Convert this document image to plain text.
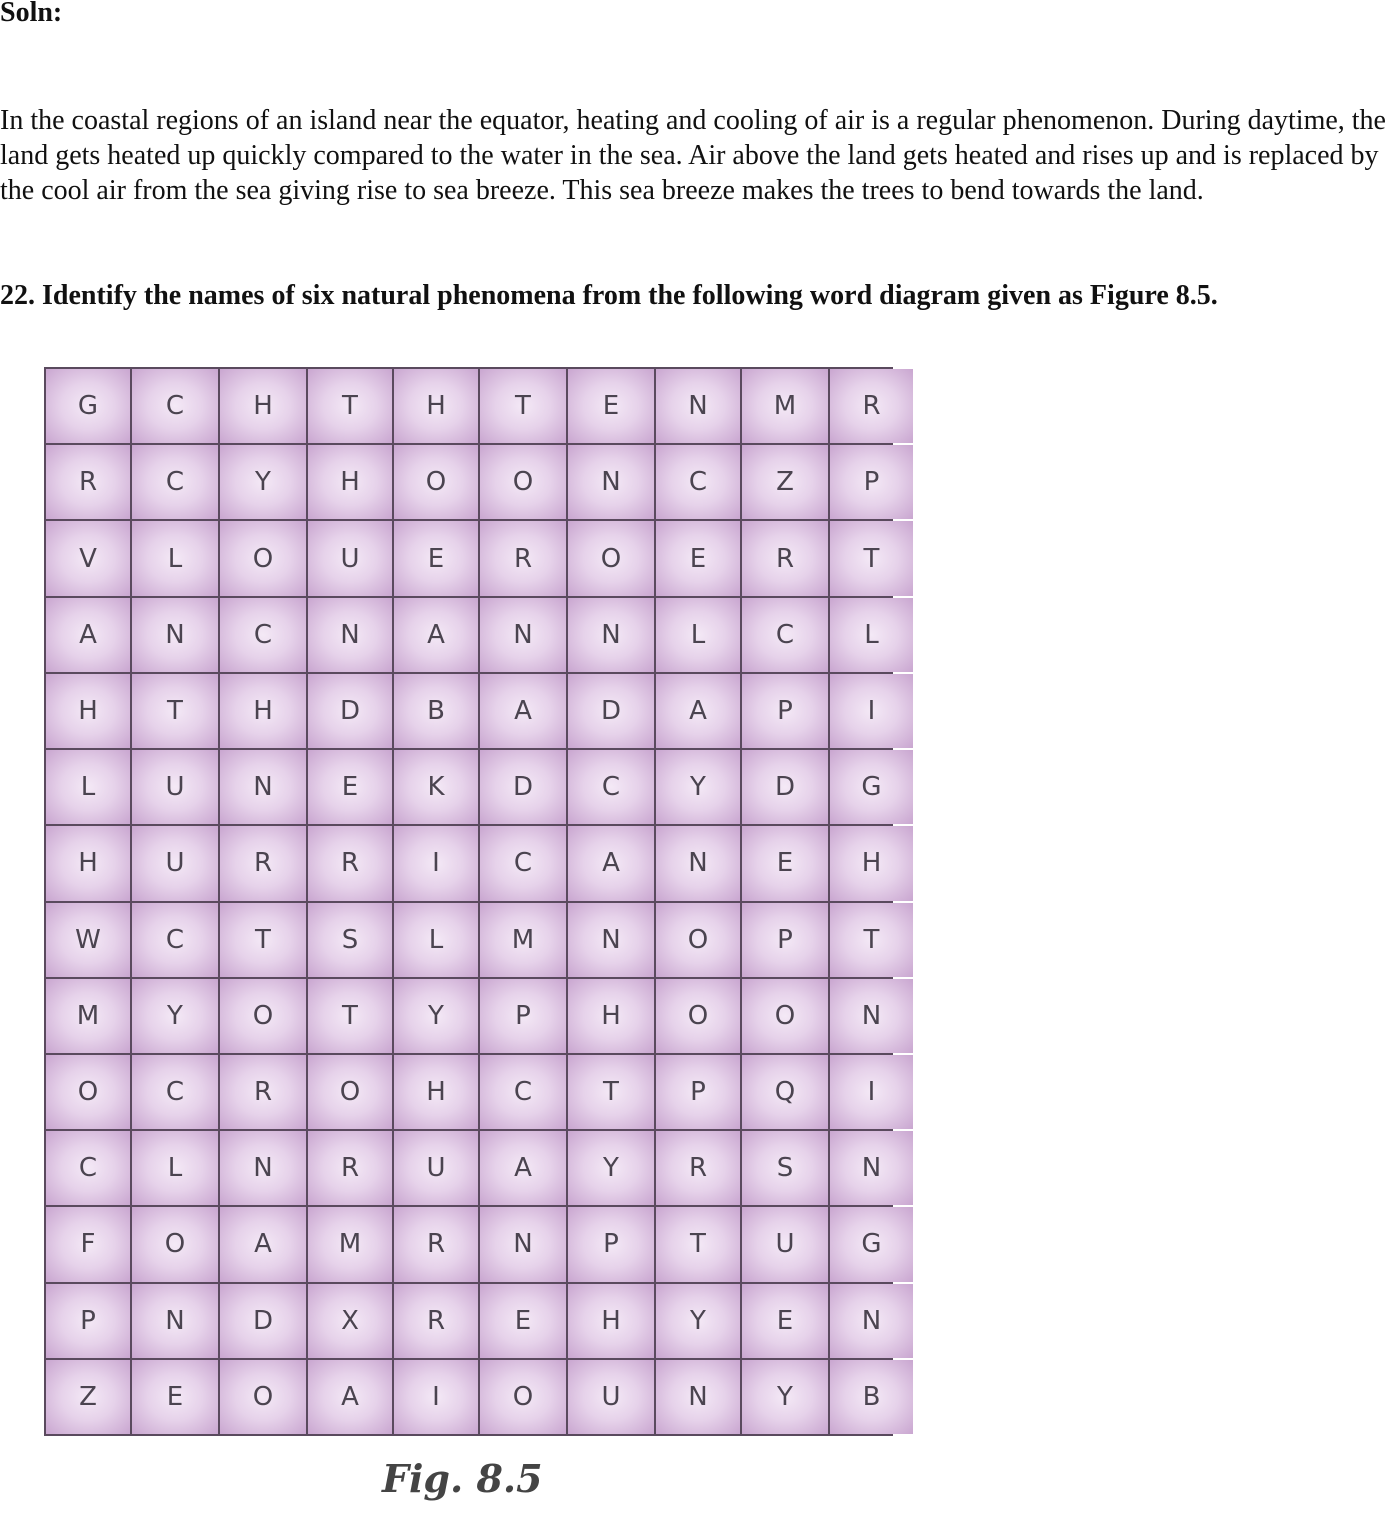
Soln:

In the coastal regions of an island near the equator, heating and cooling of air is a regular phenomenon. During daytime, the land gets heated up quickly compared to the water in the sea. Air above the land gets heated and rises up and is replaced by the cool air from the sea giving rise to sea breeze. This sea breeze makes the trees to bend towards the land.

22. Identify the names of six natural phenomena from the following word diagram given as Figure 8.5.

G	C	H	T	H	T	E	N	M	R
R	C	Y	H	O	O	N	C	Z	P
V	L	O	U	E	R	O	E	R	T
A	N	C	N	A	N	N	L	C	L
H	T	H	D	B	A	D	A	P	I
L	U	N	E	K	D	C	Y	D	G
H	U	R	R	I	C	A	N	E	H
W	C	T	S	L	M	N	O	P	T
M	Y	O	T	Y	P	H	O	O	N
O	C	R	O	H	C	T	P	Q	I
C	L	N	R	U	A	Y	R	S	N
F	O	A	M	R	N	P	T	U	G
P	N	D	X	R	E	H	Y	E	N
Z	E	O	A	I	O	U	N	Y	B
Fig. 8.5
